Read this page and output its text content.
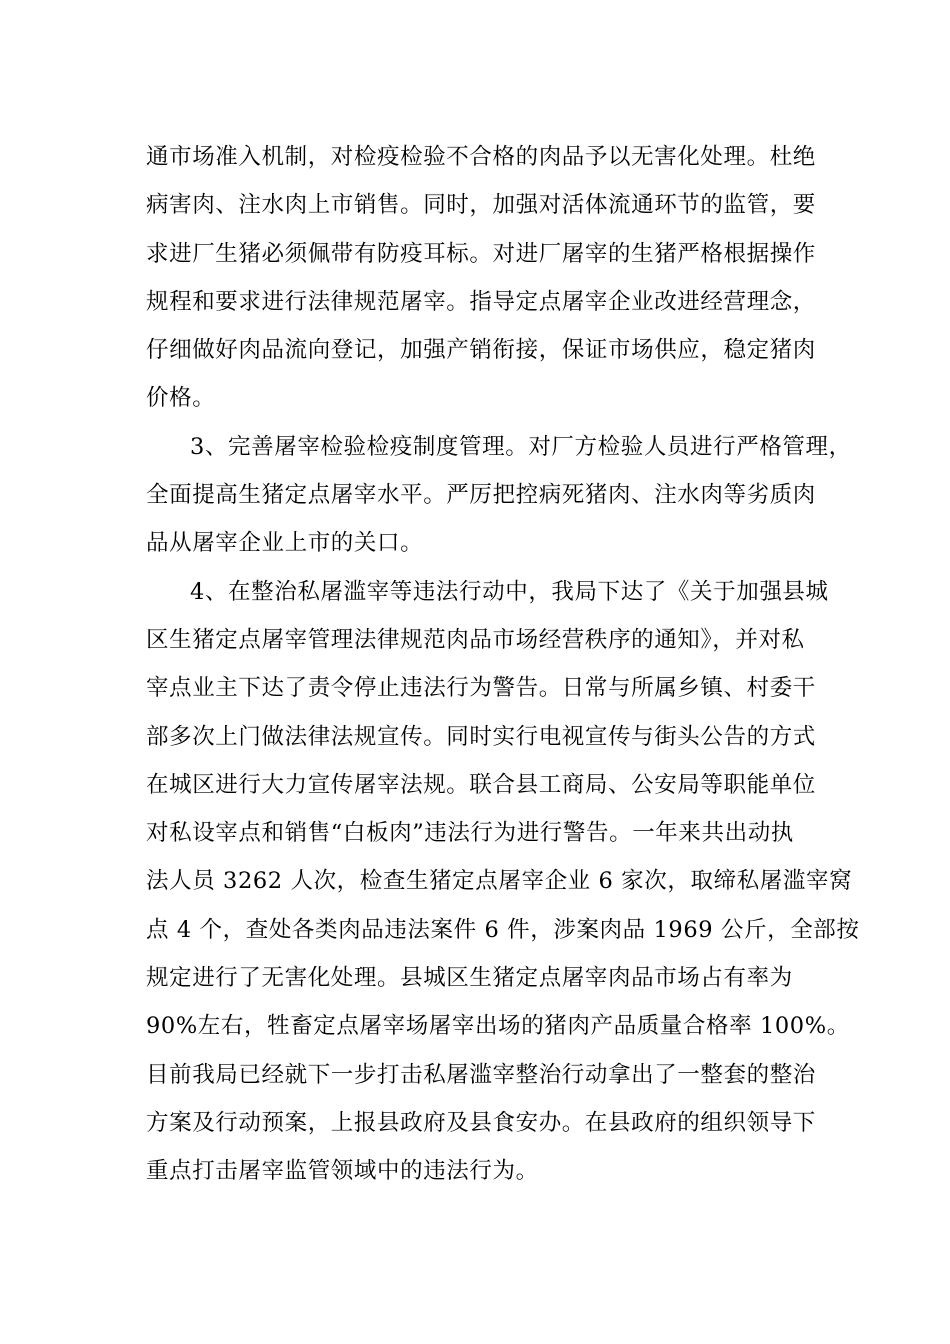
通市场准入机制，对检疫检验不合格的肉品予以无害化处理。杜绝
病害肉、注水肉上市销售。同时，加强对活体流通环节的监管，要
求进厂生猪必须佩带有防疫耳标。对进厂屠宰的生猪严格根据操作
规程和要求进行法律规范屠宰。指导定点屠宰企业改进经营理念，
仔细做好肉品流向登记，加强产销衔接，保证市场供应，稳定猪肉
价格。
3、完善屠宰检验检疫制度管理。对厂方检验人员进行严格管理，
全面提高生猪定点屠宰水平。严厉把控病死猪肉、注水肉等劣质肉
品从屠宰企业上市的关口。
4、在整治私屠滥宰等违法行动中，我局下达了《关于加强县城
区生猪定点屠宰管理法律规范肉品市场经营秩序的通知》，并对私
宰点业主下达了责令停止违法行为警告。日常与所属乡镇、村委干
部多次上门做法律法规宣传。同时实行电视宣传与街头公告的方式
在城区进行大力宣传屠宰法规。联合县工商局、公安局等职能单位
对私设宰点和销售“白板肉”违法行为进行警告。一年来共出动执
法人员 3262 人次，检查生猪定点屠宰企业 6 家次，取缔私屠滥宰窝
点 4 个，查处各类肉品违法案件 6 件，涉案肉品 1969 公斤，全部按
规定进行了无害化处理。县城区生猪定点屠宰肉品市场占有率为
90%左右，牲畜定点屠宰场屠宰出场的猪肉产品质量合格率 100%。
目前我局已经就下一步打击私屠滥宰整治行动拿出了一整套的整治
方案及行动预案，上报县政府及县食安办。在县政府的组织领导下
重点打击屠宰监管领域中的违法行为。
